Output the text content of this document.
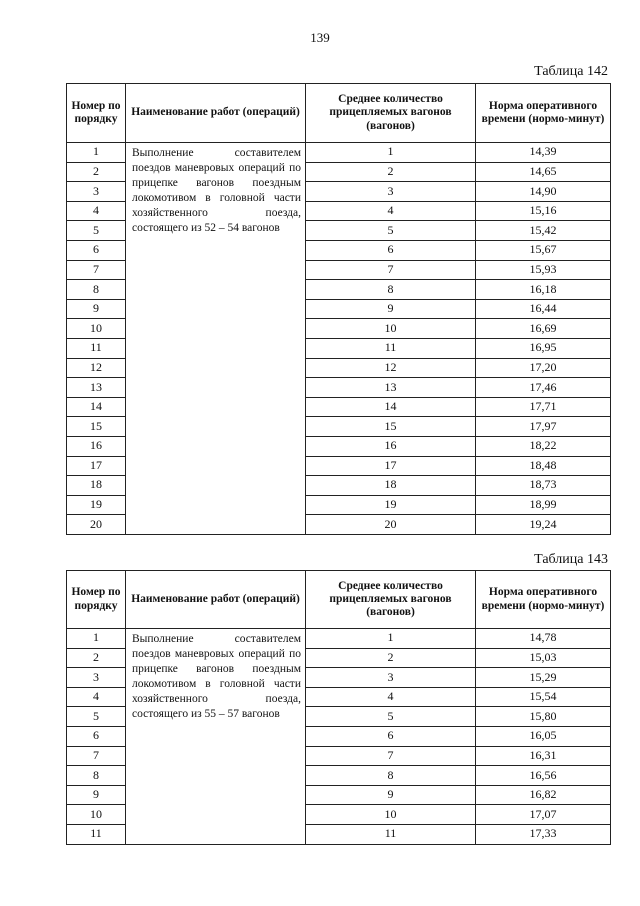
139
Таблица 142
Номер по порядку	Наименование работ (операций)	Среднее количество прицепляемых вагонов (вагонов)	Норма оперативного времени (нормо-минут)
1	Выполнение составителем поездов маневровых операций по прицепке вагонов поездным локомотивом в головной части хозяйственного поезда, состоящего из 52 – 54 вагонов	1	14,39
2		2	14,65
3		3	14,90
4		4	15,16
5		5	15,42
6		6	15,67
7		7	15,93
8		8	16,18
9		9	16,44
10		10	16,69
11		11	16,95
12		12	17,20
13		13	17,46
14		14	17,71
15		15	17,97
16		16	18,22
17		17	18,48
18		18	18,73
19		19	18,99
20		20	19,24
Таблица 143
Номер по порядку	Наименование работ (операций)	Среднее количество прицепляемых вагонов (вагонов)	Норма оперативного времени (нормо-минут)
1	Выполнение составителем поездов маневровых операций по прицепке вагонов поездным локомотивом в головной части хозяйственного поезда, состоящего из 55 – 57 вагонов	1	14,78
2		2	15,03
3		3	15,29
4		4	15,54
5		5	15,80
6		6	16,05
7		7	16,31
8		8	16,56
9		9	16,82
10		10	17,07
11		11	17,33
